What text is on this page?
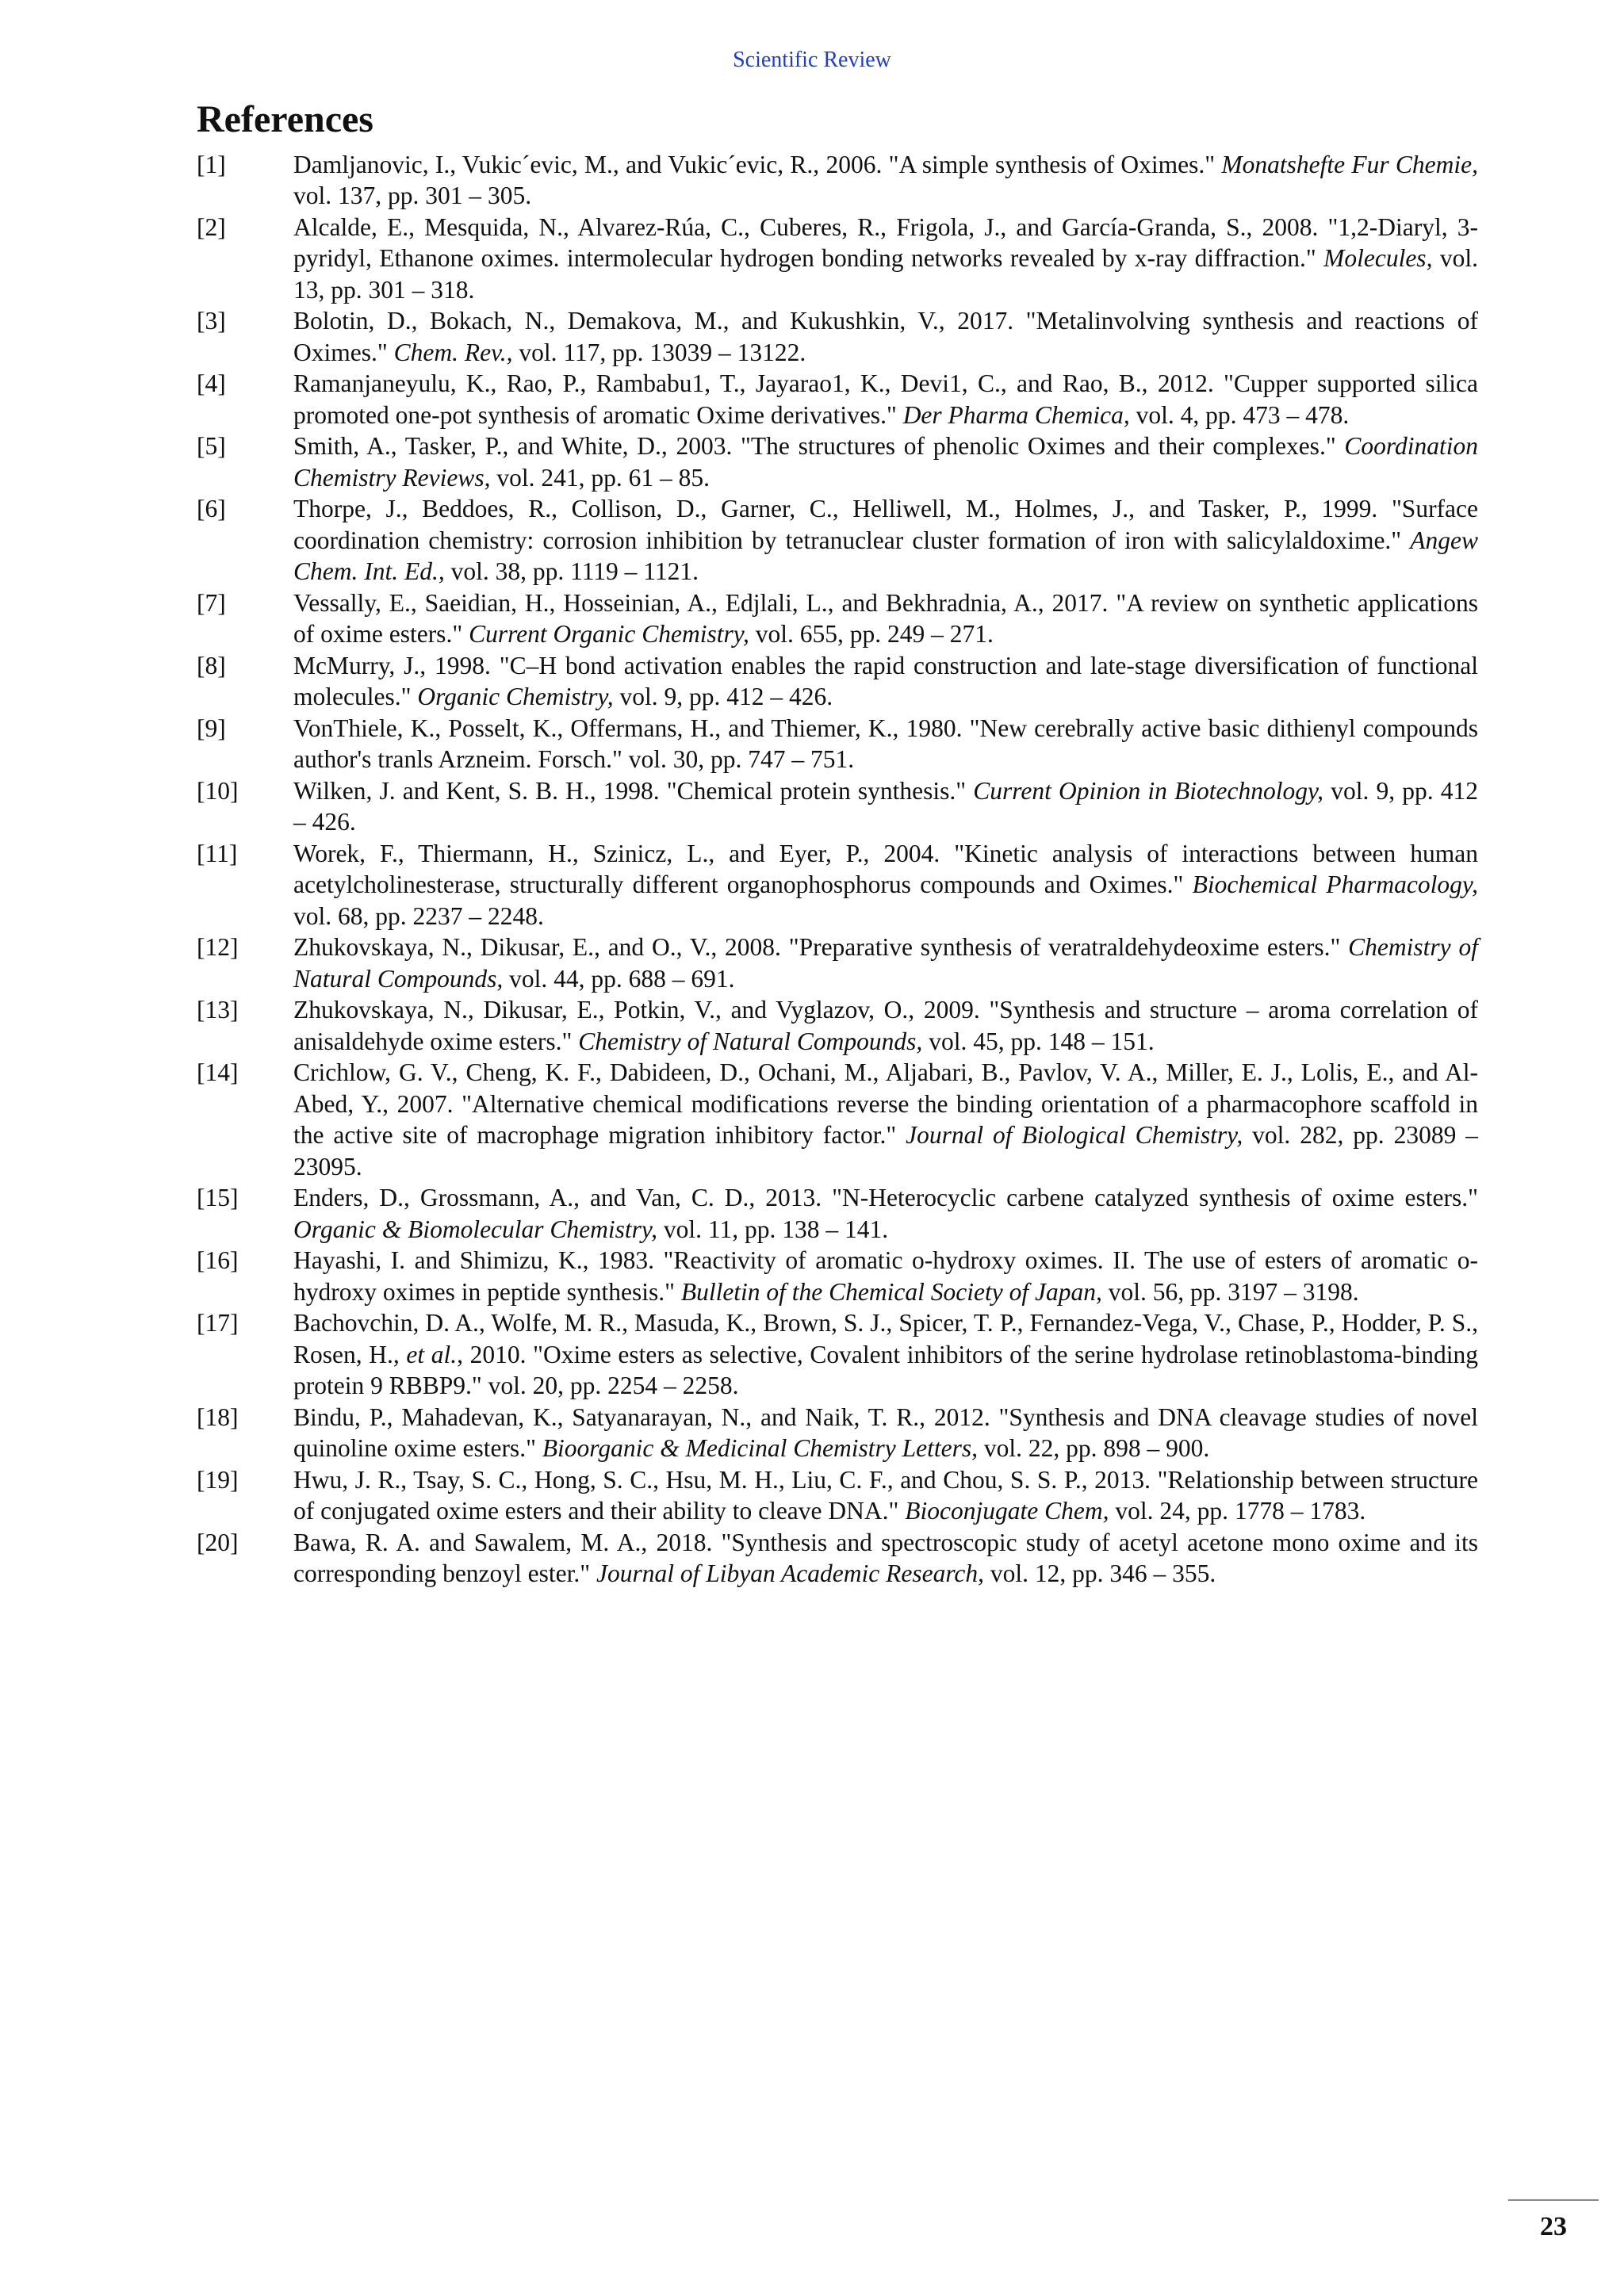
Scientific Review
References
[1]	Damljanovic, I., Vukic´evic, M., and Vukic´evic, R., 2006. "A simple synthesis of Oximes." Monatshefte Fur Chemie, vol. 137, pp. 301 – 305.
[2]	Alcalde, E., Mesquida, N., Alvarez-Rúa, C., Cuberes, R., Frigola, J., and García-Granda, S., 2008. "1,2-Diaryl, 3-pyridyl, Ethanone oximes. intermolecular hydrogen bonding networks revealed by x-ray diffraction." Molecules, vol. 13, pp. 301 – 318.
[3]	Bolotin, D., Bokach, N., Demakova, M., and Kukushkin, V., 2017. "Metalinvolving synthesis and reactions of Oximes." Chem. Rev., vol. 117, pp. 13039 – 13122.
[4]	Ramanjaneyulu, K., Rao, P., Rambabu1, T., Jayarao1, K., Devi1, C., and Rao, B., 2012. "Cupper supported silica promoted one-pot synthesis of aromatic Oxime derivatives." Der Pharma Chemica, vol. 4, pp. 473 – 478.
[5]	Smith, A., Tasker, P., and White, D., 2003. "The structures of phenolic Oximes and their complexes." Coordination Chemistry Reviews, vol. 241, pp. 61 – 85.
[6]	Thorpe, J., Beddoes, R., Collison, D., Garner, C., Helliwell, M., Holmes, J., and Tasker, P., 1999. "Surface coordination chemistry: corrosion inhibition by tetranuclear cluster formation of iron with salicylaldoxime." Angew Chem. Int. Ed., vol. 38, pp. 1119 – 1121.
[7]	Vessally, E., Saeidian, H., Hosseinian, A., Edjlali, L., and Bekhradnia, A., 2017. "A review on synthetic applications of oxime esters." Current Organic Chemistry, vol. 655, pp. 249 – 271.
[8]	McMurry, J., 1998. "C–H bond activation enables the rapid construction and late-stage diversification of functional molecules." Organic Chemistry, vol. 9, pp. 412 – 426.
[9]	VonThiele, K., Posselt, K., Offermans, H., and Thiemer, K., 1980. "New cerebrally active basic dithienyl compounds author's tranls Arzneim. Forsch." vol. 30, pp. 747 – 751.
[10]	Wilken, J. and Kent, S. B. H., 1998. "Chemical protein synthesis." Current Opinion in Biotechnology, vol. 9, pp. 412 – 426.
[11]	Worek, F., Thiermann, H., Szinicz, L., and Eyer, P., 2004. "Kinetic analysis of interactions between human acetylcholinesterase, structurally different organophosphorus compounds and Oximes." Biochemical Pharmacology, vol. 68, pp. 2237 – 2248.
[12]	Zhukovskaya, N., Dikusar, E., and O., V., 2008. "Preparative synthesis of veratraldehydeoxime esters." Chemistry of Natural Compounds, vol. 44, pp. 688 – 691.
[13]	Zhukovskaya, N., Dikusar, E., Potkin, V., and Vyglazov, O., 2009. "Synthesis and structure – aroma correlation of anisaldehyde oxime esters." Chemistry of Natural Compounds, vol. 45, pp. 148 – 151.
[14]	Crichlow, G. V., Cheng, K. F., Dabideen, D., Ochani, M., Aljabari, B., Pavlov, V. A., Miller, E. J., Lolis, E., and Al-Abed, Y., 2007. "Alternative chemical modifications reverse the binding orientation of a pharmacophore scaffold in the active site of macrophage migration inhibitory factor." Journal of Biological Chemistry, vol. 282, pp. 23089 – 23095.
[15]	Enders, D., Grossmann, A., and Van, C. D., 2013. "N-Heterocyclic carbene catalyzed synthesis of oxime esters." Organic & Biomolecular Chemistry, vol. 11, pp. 138 – 141.
[16]	Hayashi, I. and Shimizu, K., 1983. "Reactivity of aromatic o-hydroxy oximes. II. The use of esters of aromatic o-hydroxy oximes in peptide synthesis." Bulletin of the Chemical Society of Japan, vol. 56, pp. 3197 – 3198.
[17]	Bachovchin, D. A., Wolfe, M. R., Masuda, K., Brown, S. J., Spicer, T. P., Fernandez-Vega, V., Chase, P., Hodder, P. S., Rosen, H., et al., 2010. "Oxime esters as selective, Covalent inhibitors of the serine hydrolase retinoblastoma-binding protein 9 RBBP9." vol. 20, pp. 2254 – 2258.
[18]	Bindu, P., Mahadevan, K., Satyanarayan, N., and Naik, T. R., 2012. "Synthesis and DNA cleavage studies of novel quinoline oxime esters." Bioorganic & Medicinal Chemistry Letters, vol. 22, pp. 898 – 900.
[19]	Hwu, J. R., Tsay, S. C., Hong, S. C., Hsu, M. H., Liu, C. F., and Chou, S. S. P., 2013. "Relationship between structure of conjugated oxime esters and their ability to cleave DNA." Bioconjugate Chem, vol. 24, pp. 1778 – 1783.
[20]	Bawa, R. A. and Sawalem, M. A., 2018. "Synthesis and spectroscopic study of acetyl acetone mono oxime and its corresponding benzoyl ester." Journal of Libyan Academic Research, vol. 12, pp. 346 – 355.
23
